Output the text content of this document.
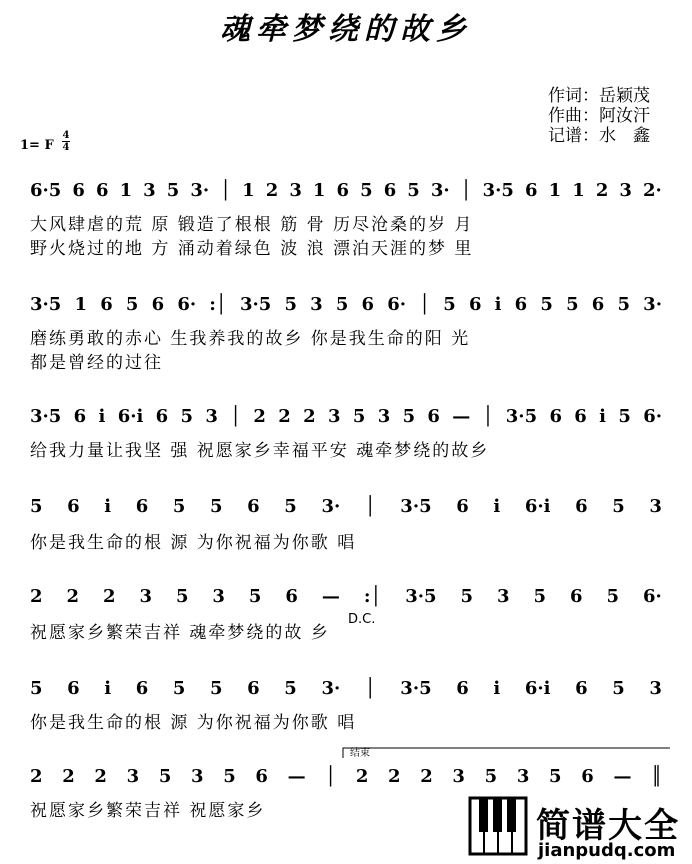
魂牵梦绕的故乡
作词：岳颖茂
作曲：阿汝汗
记谱：水　鑫
1= F
4
4
6·5 6 6 1 3 5 3· │ 1 2 3 1 6 5 6 5 3· │ 3·5 6 1 1 2 3 2·
大风肆虐的荒 原 锻造了根根 筋 骨 历尽沧桑的岁 月
野火烧过的地 方 涌动着绿色 波 浪 漂泊天涯的梦 里
3·5 1 6 5 6 6· :│ 3·5 5 3 5 6 6· │ 5 6 i 6 5 5 6 5 3·
磨练勇敢的赤心 生我养我的故乡 你是我生命的阳 光
都是曾经的过往
3·5 6 i 6·i 6 5 3 │ 2 2 2 3 5 3 5 6 — │ 3·5 6 6 i 5 6·
给我力量让我坚 强 祝愿家乡幸福平安 魂牵梦绕的故乡
5 6 i 6 5 5 6 5 3· │ 3·5 6 i 6·i 6 5 3
你是我生命的根 源 为你祝福为你歌 唱
2 2 2 3 5 3 5 6 — :│ 3·5 5 3 5 6 5 6·
祝愿家乡繁荣吉祥 魂牵梦绕的故 乡
D.C.
5 6 i 6 5 5 6 5 3· │ 3·5 6 i 6·i 6 5 3
你是我生命的根 源 为你祝福为你歌 唱
2 2 2 3 5 3 5 6 — │ 2 2 2 3 5 3 5 6 — ║
祝愿家乡繁荣吉祥 祝愿家乡
结束
简谱大全
jianpudq.com
